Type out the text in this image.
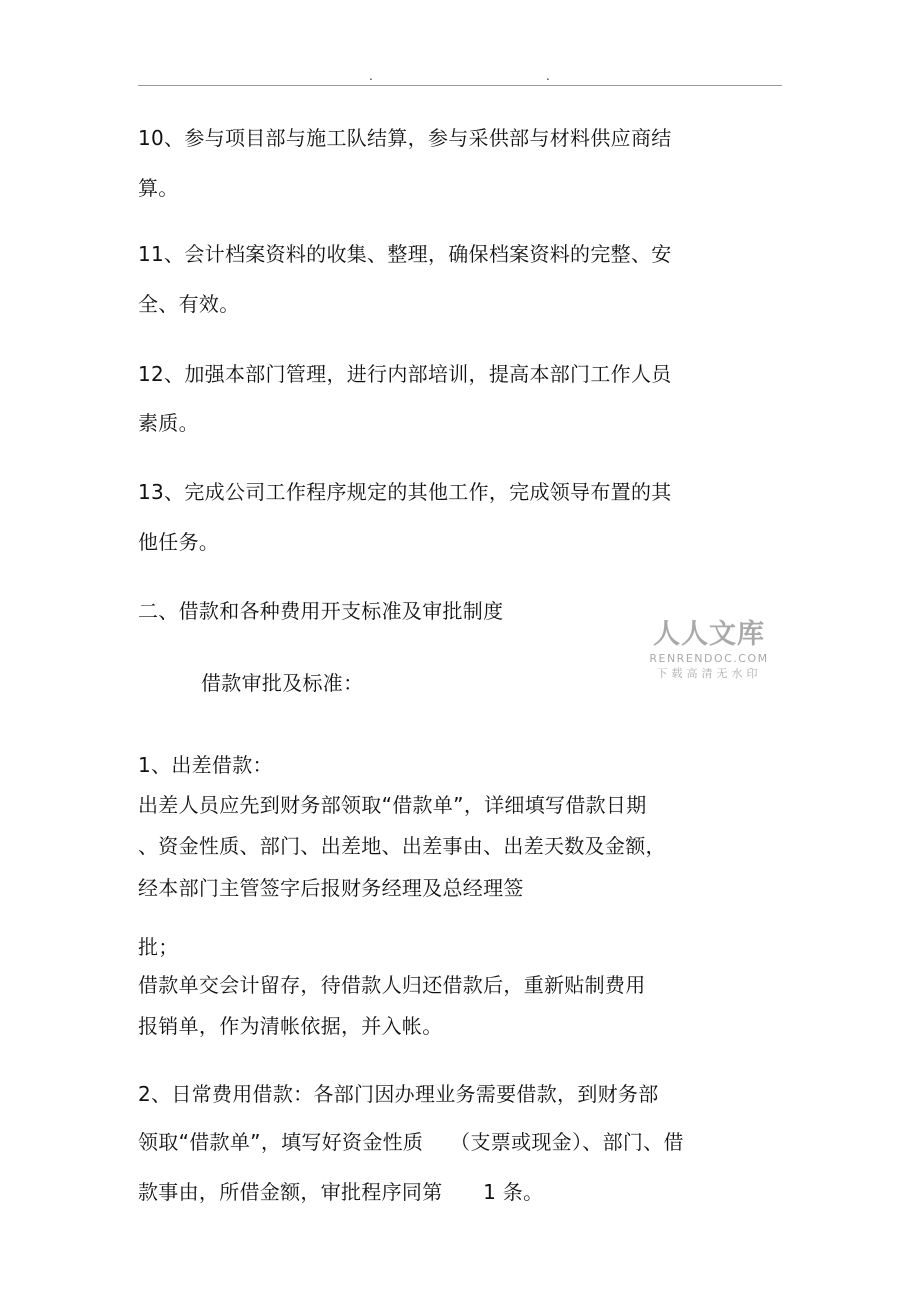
.	.
10、参与项目部与施工队结算，参与采供部与材料供应商结
算。
11、会计档案资料的收集、整理，确保档案资料的完整、安
全、有效。
12、加强本部门管理，进行内部培训，提高本部门工作人员
素质。
13、完成公司工作程序规定的其他工作，完成领导布置的其
他任务。
二、借款和各种费用开支标准及审批制度
借款审批及标准：
1、出差借款：
出差人员应先到财务部领取“借款单”，详细填写借款日期
、资金性质、部门、出差地、出差事由、出差天数及金额，
经本部门主管签字后报财务经理及总经理签
批；
借款单交会计留存，待借款人归还借款后，重新贴制费用
报销单，作为清帐依据，并入帐。
2、日常费用借款：各部门因办理业务需要借款，到财务部
领取“借款单”，填写好资金性质　 （支票或现金）、部门、借
款事由，所借金额，审批程序同第　　1 条。
人人文库
RENRENDOC.COM
下载高清无水印
